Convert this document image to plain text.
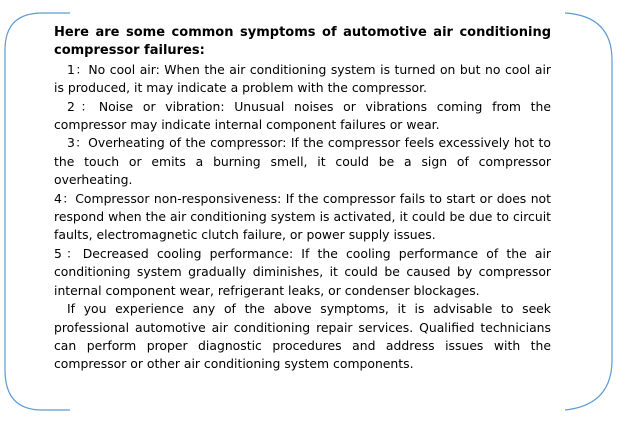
Here are some common symptoms of automotive air conditioning compressor failures:

1：No cool air: When the air conditioning system is turned on but no cool air is produced, it may indicate a problem with the compressor.

2：Noise or vibration: Unusual noises or vibrations coming from the compressor may indicate internal component failures or wear.

3：Overheating of the compressor: If the compressor feels excessively hot to the touch or emits a burning smell, it could be a sign of compressor overheating.

4：Compressor non-responsiveness: If the compressor fails to start or does not respond when the air conditioning system is activated, it could be due to circuit faults, electromagnetic clutch failure, or power supply issues.

5：Decreased cooling performance: If the cooling performance of the air conditioning system gradually diminishes, it could be caused by compressor internal component wear, refrigerant leaks, or condenser blockages.

If you experience any of the above symptoms, it is advisable to seek professional automotive air conditioning repair services. Qualified technicians can perform proper diagnostic procedures and address issues with the compressor or other air conditioning system components.
